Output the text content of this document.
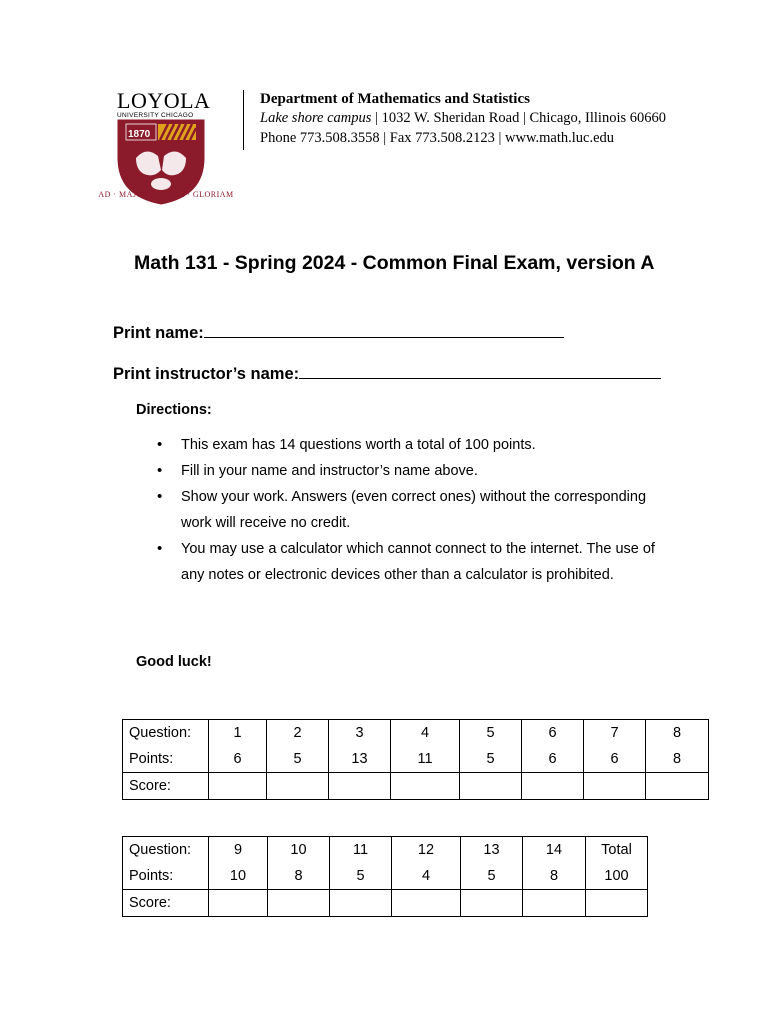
1870
AD · MAJOREM · DEI · GLORIAM
LOYOLA
UNIVERSITY CHICAGO
Department of Mathematics and Statistics
Lake shore campus | 1032 W. Sheridan Road | Chicago, Illinois 60660
Phone 773.508.3558 | Fax 773.508.2123 | www.math.luc.edu
Math 131 - Spring 2024 - Common Final Exam, version A
Print name:
Print instructor’s name:
Directions:
• This exam has 14 questions worth a total of 100 points.
• Fill in your name and instructor’s name above.
• Show your work. Answers (even correct ones) without the corresponding work will receive no credit.
• You may use a calculator which cannot connect to the internet. The use of any notes or electronic devices other than a calculator is prohibited.
Good luck!
Question:	1	2	3	4	5	6	7	8
Points:	6	5	13	11	5	6	6	8
Score:								
Question:	9	10	11	12	13	14	Total
Points:	10	8	5	4	5	8	100
Score:							
